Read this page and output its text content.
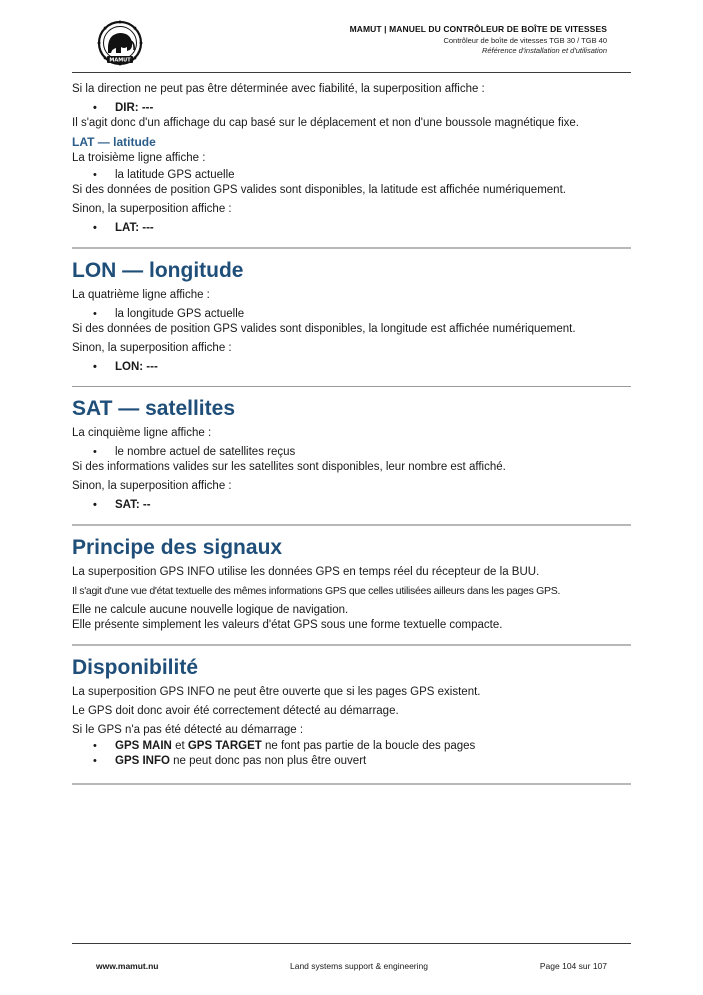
MAMUT
MAMUT | MANUEL DU CONTRÔLEUR DE BOÎTE DE VITESSES
Contrôleur de boîte de vitesses TGB 30 / TGB 40
Référence d'installation et d'utilisation

Si la direction ne peut pas être déterminée avec fiabilité, la superposition affiche :

• DIR: ---

Il s'agit donc d'un affichage du cap basé sur le déplacement et non d'une boussole magnétique fixe.

LAT — latitude

La troisième ligne affiche :

• la latitude GPS actuelle

Si des données de position GPS valides sont disponibles, la latitude est affichée numériquement.

Sinon, la superposition affiche :

• LAT: ---
LON — longitude

La quatrième ligne affiche :

• la longitude GPS actuelle

Si des données de position GPS valides sont disponibles, la longitude est affichée numériquement.

Sinon, la superposition affiche :

• LON: ---
SAT — satellites

La cinquième ligne affiche :

• le nombre actuel de satellites reçus

Si des informations valides sur les satellites sont disponibles, leur nombre est affiché.

Sinon, la superposition affiche :

• SAT: --
Principe des signaux

La superposition GPS INFO utilise les données GPS en temps réel du récepteur de la BUU.

Il s'agit d'une vue d'état textuelle des mêmes informations GPS que celles utilisées ailleurs dans les pages GPS.

Elle ne calcule aucune nouvelle logique de navigation.

Elle présente simplement les valeurs d'état GPS sous une forme textuelle compacte.

Disponibilité

La superposition GPS INFO ne peut être ouverte que si les pages GPS existent.

Le GPS doit donc avoir été correctement détecté au démarrage.

Si le GPS n'a pas été détecté au démarrage :

• GPS MAIN et GPS TARGET ne font pas partie de la boucle des pages
• GPS INFO ne peut donc pas non plus être ouvert
www.mamut.nu	Land systems support & engineering	Page 104 sur 107
